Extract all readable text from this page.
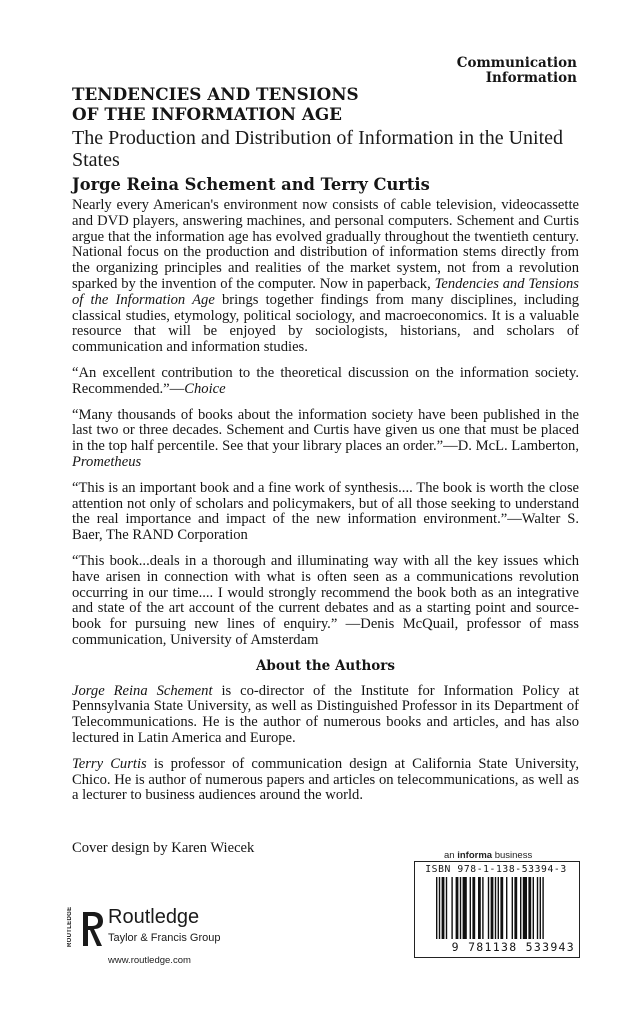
Communication
Information
TENDENCIES AND TENSIONS
OF THE INFORMATION AGE
The Production and Distribution of Information in the United States
Jorge Reina Schement and Terry Curtis

Nearly every American's environment now consists of cable television, videocassette and DVD players, answering machines, and personal computers. Schement and Curtis argue that the information age has evolved gradually throughout the twentieth century. National focus on the production and distribution of information stems directly from the organizing principles and realities of the market system, not from a revolution sparked by the invention of the computer. Now in paperback, Tendencies and Tensions of the Information Age brings together findings from many disciplines, including classical studies, etymology, political sociology, and macroeconomics. It is a valuable resource that will be enjoyed by sociologists, historians, and scholars of communication and information studies.

“An excellent contribution to the theoretical discussion on the information society. Recommended.”—Choice

“Many thousands of books about the information society have been published in the last two or three decades. Schement and Curtis have given us one that must be placed in the top half percentile. See that your library places an order.”—D. McL. Lamberton, Prometheus

“This is an important book and a fine work of synthesis.... The book is worth the close attention not only of scholars and policymakers, but of all those seeking to understand the real importance and impact of the new information environment.”—Walter S. Baer, The RAND Corporation

“This book...deals in a thorough and illuminating way with all the key issues which have arisen in connection with what is often seen as a communications revolution occurring in our time.... I would strongly recommend the book both as an integrative and state of the art account of the current debates and as a starting point and source-book for pursuing new lines of enquiry.” —Denis McQuail, professor of mass communication, University of Amsterdam

About the Authors

Jorge Reina Schement is co-director of the Institute for Information Policy at Pennsylvania State University, as well as Distinguished Professor in its Department of Telecommunications. He is the author of numerous books and articles, and has also lectured in Latin America and Europe.

Terry Curtis is professor of communication design at California State University, Chico. He is author of numerous papers and articles on telecommunications, as well as a lecturer to business audiences around the world.

Cover design by Karen Wiecek
ROUTLEDGE Routledge
Taylor & Francis Group
www.routledge.com
an informa business
ISBN 978-1-138-53394-3
9 781138 533943
